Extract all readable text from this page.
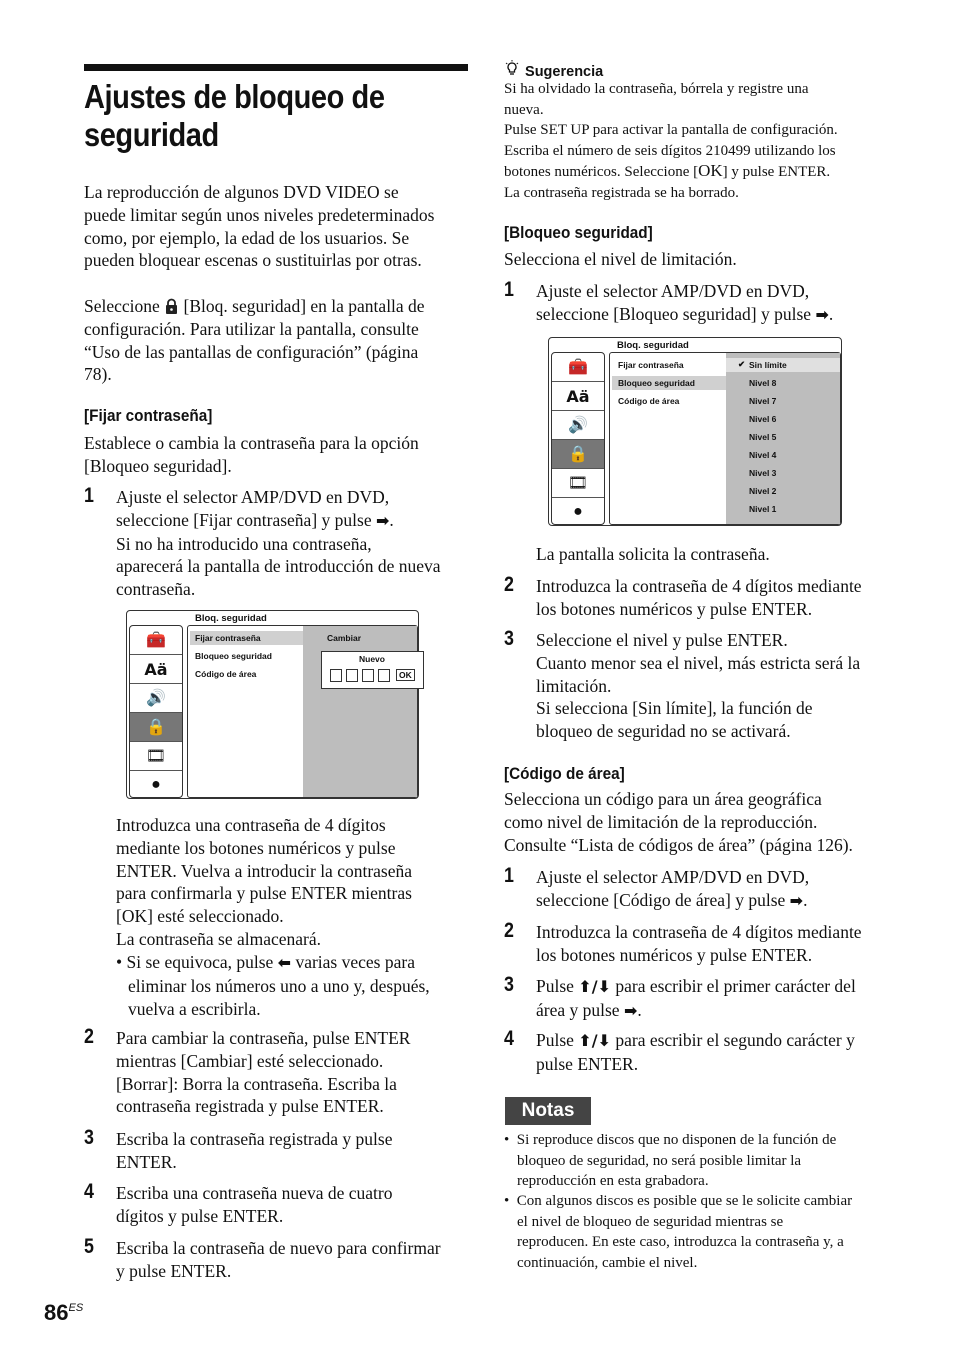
Ajustes de bloqueo de seguridad

La reproducción de algunos DVD VIDEO se

puede limitar según unos niveles predeterminados

como, por ejemplo, la edad de los usuarios. Se

pueden bloquear escenas o sustituirlas por otras.

Seleccione [Bloq. seguridad] en la pantalla de

configuración. Para utilizar la pantalla, consulte

“Uso de las pantallas de configuración” (página

78).

[Fijar contraseña]

Establece o cambia la contraseña para la opción

[Bloqueo seguridad].

1 Ajuste el selector AMP/DVD en DVD,

seleccione [Fijar contraseña] y pulse ➡.

Si no ha introducido una contraseña,

aparecerá la pantalla de introducción de nueva

contraseña.

Bloq. seguridad
🧰
Aä
🔊
🔒
🎞
●
Fijar contraseña
Bloqueo seguridad
Código de área
Cambiar
Nuevo
OK

Introduzca una contraseña de 4 dígitos

mediante los botones numéricos y pulse

ENTER. Vuelva a introducir la contraseña

para confirmarla y pulse ENTER mientras

[OK] esté seleccionado.

La contraseña se almacenará.

• Si se equivoca, pulse ⬅ varias veces para

eliminar los números uno a uno y, después,

vuelva a escribirla.

2 Para cambiar la contraseña, pulse ENTER

mientras [Cambiar] esté seleccionado.

[Borrar]: Borra la contraseña. Escriba la

contraseña registrada y pulse ENTER.

3 Escriba la contraseña registrada y pulse

ENTER.

4 Escriba una contraseña nueva de cuatro

dígitos y pulse ENTER.

5 Escriba la contraseña de nuevo para confirmar

y pulse ENTER.

$86^{ES}$
Sugerencia

Si ha olvidado la contraseña, bórrela y registre una

nueva.

Pulse SET UP para activar la pantalla de configuración.

Escriba el número de seis dígitos 210499 utilizando los

botones numéricos. Seleccione [OK] y pulse ENTER.

La contraseña registrada se ha borrado.

[Bloqueo seguridad]
Selecciona el nivel de limitación.
1 Ajuste el selector AMP/DVD en DVD,

seleccione [Bloqueo seguridad] y pulse ➡.

Bloq. seguridad
🧰
Aä
🔊
🔒
🎞
●
Fijar contraseña
Bloqueo seguridad
Código de área
✔ Sin límite
Nivel 8
Nivel 7
Nivel 6
Nivel 5
Nivel 4
Nivel 3
Nivel 2
Nivel 1
La pantalla solicita la contraseña.
2 Introduzca la contraseña de 4 dígitos mediante

los botones numéricos y pulse ENTER.

3 Seleccione el nivel y pulse ENTER.

Cuanto menor sea el nivel, más estricta será la

limitación.

Si selecciona [Sin límite], la función de

bloqueo de seguridad no se activará.

[Código de área]

Selecciona un código para un área geográfica

como nivel de limitación de la reproducción.

Consulte “Lista de códigos de área” (página 126).

1 Ajuste el selector AMP/DVD en DVD,

seleccione [Código de área] y pulse ➡.

2 Introduzca la contraseña de 4 dígitos mediante

los botones numéricos y pulse ENTER.

3 Pulse ⬆/⬇ para escribir el primer carácter del

área y pulse ➡.

4 Pulse ⬆/⬇ para escribir el segundo carácter y

pulse ENTER.

Notas

•  Si reproduce discos que no disponen de la función de

bloqueo de seguridad, no será posible limitar la

reproducción en esta grabadora.

•  Con algunos discos es posible que se le solicite cambiar

el nivel de bloqueo de seguridad mientras se

reproducen. En este caso, introduzca la contraseña y, a

continuación, cambie el nivel.
